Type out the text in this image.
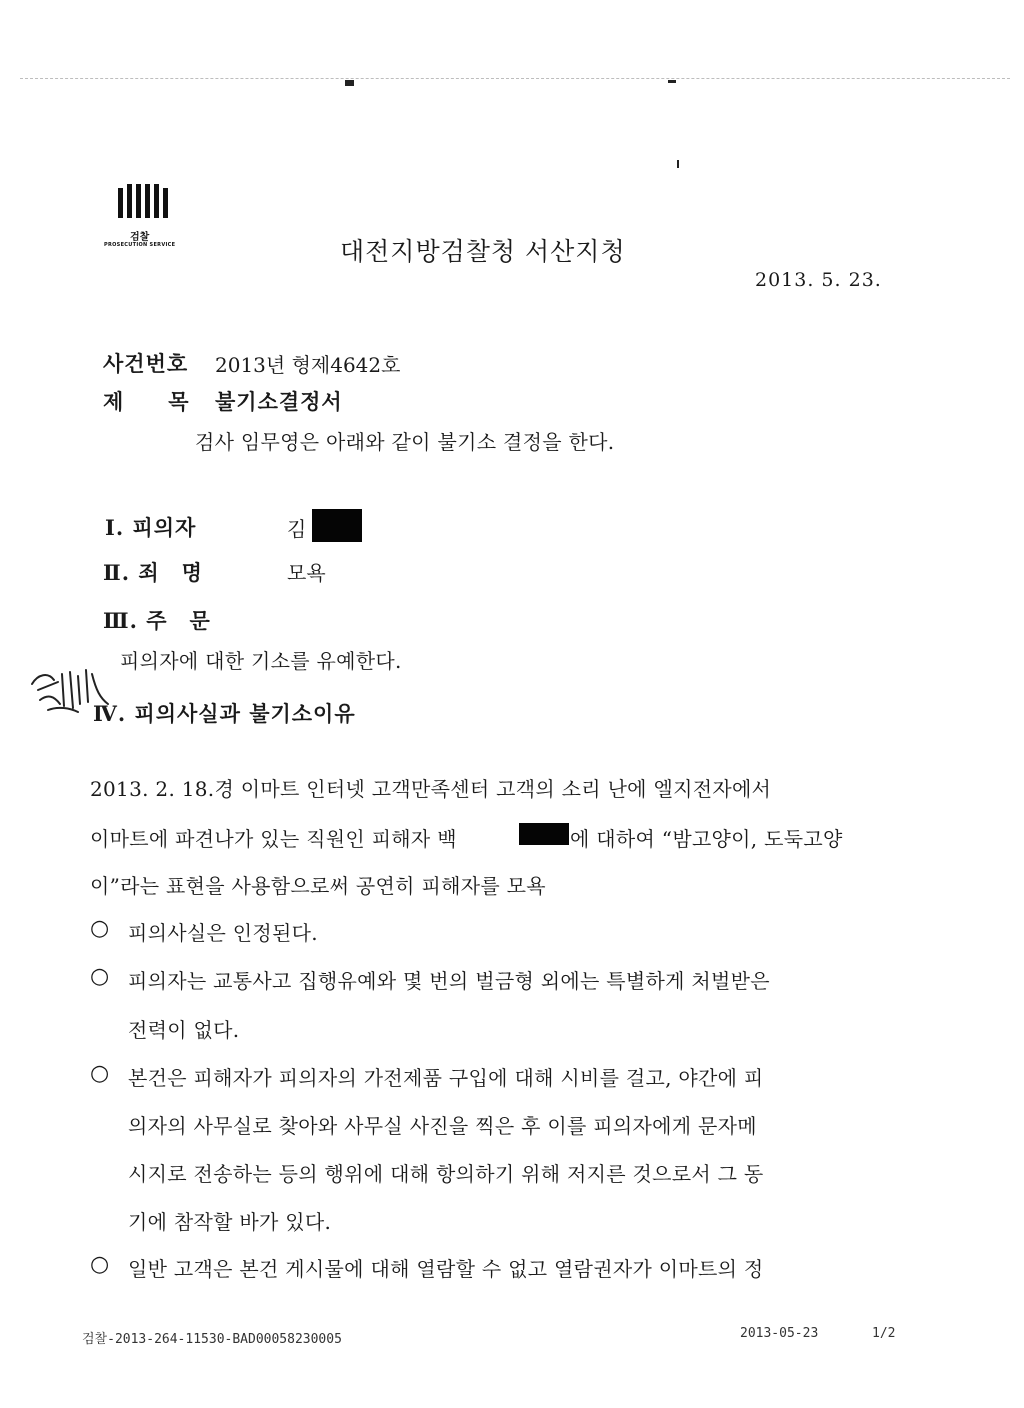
검찰
PROSECUTION SERVICE	대전지방검찰청 서산지청
2013. 5. 23.
사건번호 2013년 형제4642호
제　　목 불기소결정서
검사 임무영은 아래와 같이 불기소 결정을 한다.
Ⅰ. 피의자	김
Ⅱ. 죄　명	모욕
Ⅲ. 주　문
피의자에 대한 기소를 유예한다.
Ⅳ. 피의사실과 불기소이유
2013. 2. 18.경 이마트 인터넷 고객만족센터 고객의 소리 난에 엘지전자에서
이마트에 파견나가 있는 직원인 피해자 백	에 대하여 “밤고양이, 도둑고양
이”라는 표현을 사용함으로써 공연히 피해자를 모욕
○ 피의사실은 인정된다.
○ 피의자는 교통사고 집행유예와 몇 번의 벌금형 외에는 특별하게 처벌받은
전력이 없다.
○ 본건은 피해자가 피의자의 가전제품 구입에 대해 시비를 걸고, 야간에 피
의자의 사무실로 찾아와 사무실 사진을 찍은 후 이를 피의자에게 문자메
시지로 전송하는 등의 행위에 대해 항의하기 위해 저지른 것으로서 그 동
기에 참작할 바가 있다.
○ 일반 고객은 본건 게시물에 대해 열람할 수 없고 열람권자가 이마트의 정
검찰-2013-264-11530-BAD00058230005	2013-05-23	1/2
